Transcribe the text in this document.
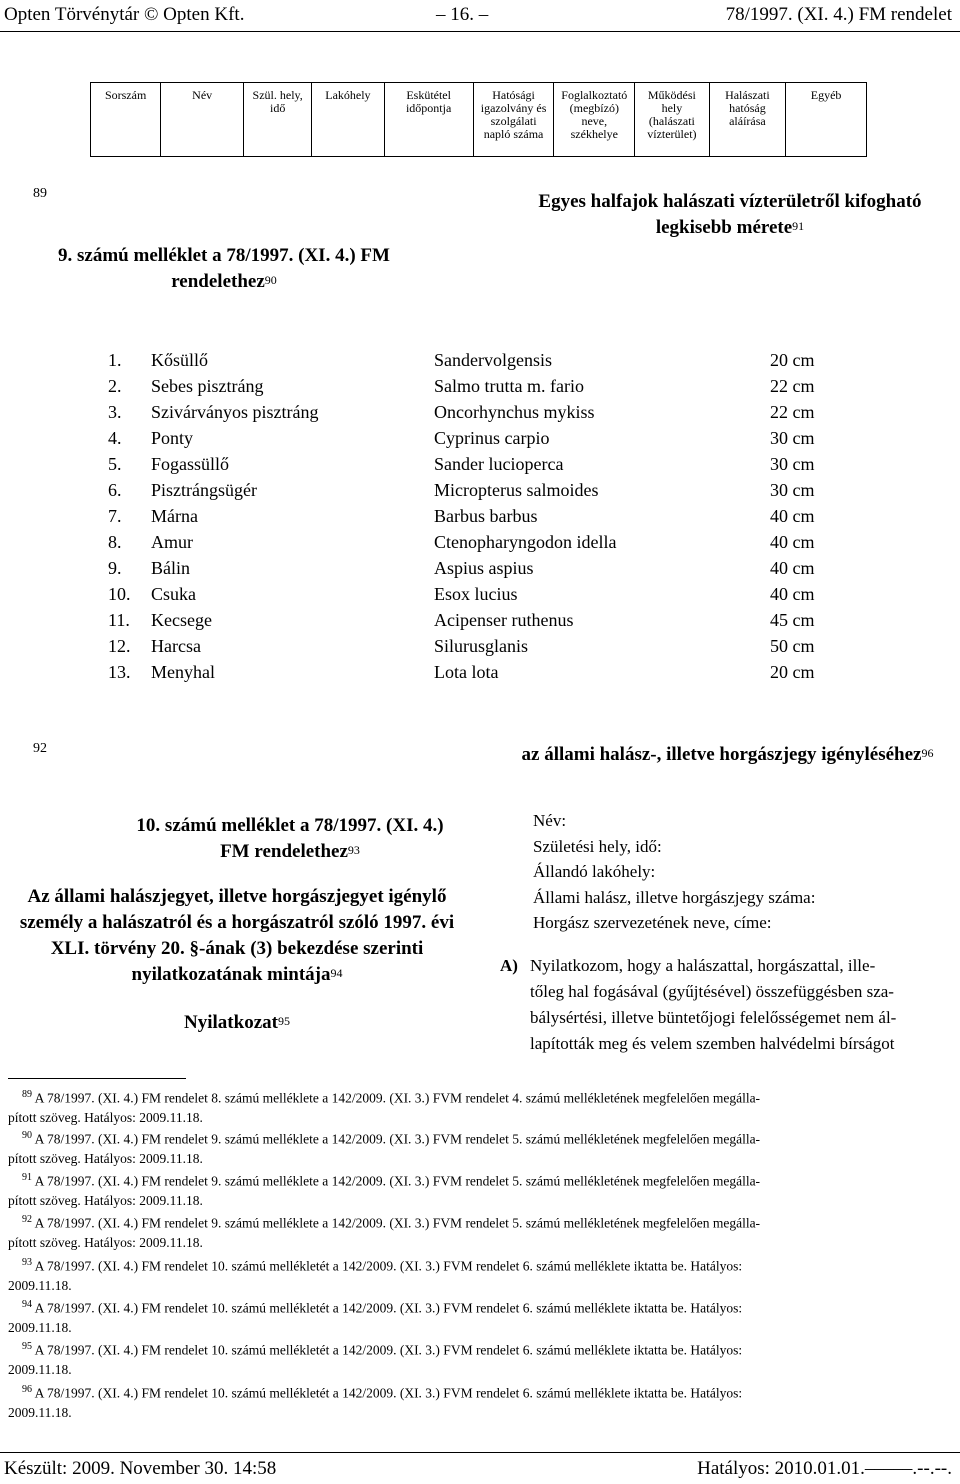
Opten Törvénytár © Opten Kft.	– 16. –	78/1997. (XI. 4.) FM rendelet
Sorszám	Név	Szül. hely, idő	Lakóhely	Eskütétel időpontja	Hatósági igazolvány és szolgálati napló száma	Foglalkoztató (megbízó) neve, székhelye	Működési hely (halászati vízterület)	Halászati hatóság aláírása	Egyéb
89
9. számú melléklet a 78/1997. (XI. 4.) FM rendelethez$^{90}$
Egyes halfajok halászati vízterületről kifogható legkisebb mérete$^{91}$
1. Kősüllő	Sandervolgensis	20 cm
2. Sebes pisztráng	Salmo trutta m. fario	22 cm
3. Szivárványos pisztráng	Oncorhynchus mykiss	22 cm
4. Ponty	Cyprinus carpio	30 cm
5. Fogassüllő	Sander lucioperca	30 cm
6. Pisztrángsügér	Micropterus salmoides	30 cm
7. Márna	Barbus barbus	40 cm
8. Amur	Ctenopharyngodon idella	40 cm
9. Bálin	Aspius aspius	40 cm
10. Csuka	Esox lucius	40 cm
11. Kecsege	Acipenser ruthenus	45 cm
12. Harcsa	Silurusglanis	50 cm
13. Menyhal	Lota lota	20 cm
92
10. számú melléklet a 78/1997. (XI. 4.) FM rendelethez$^{93}$
Az állami halászjegyet, illetve horgászjegyet igénylő személy a halászatról és a horgászatról szóló 1997. évi XLI. törvény 20. §-ának (3) bekezdése szerinti nyilatkozatának mintája$^{94}$
Nyilatkozat$^{95}$
az állami halász-, illetve horgászjegy igényléséhez$^{96}$
Név:
Születési hely, idő:
Állandó lakóhely:
Állami halász, illetve horgászjegy száma:
Horgász szervezetének neve, címe:
A) Nyilatkozom, hogy a halászattal, horgászattal, ille-
tőleg hal fogásával (gyűjtésével) összefüggésben sza-
bálysértési, illetve büntetőjogi felelősségemet nem ál-
lapították meg és velem szemben halvédelmi bírságot
$^{89}$ A 78/1997. (XI. 4.) FM rendelet 8. számú melléklete a 142/2009. (XI. 3.) FVM rendelet 4. számú mellékletének megfelelően megálla-
pított szöveg. Hatályos: 2009.11.18.
$^{90}$ A 78/1997. (XI. 4.) FM rendelet 9. számú melléklete a 142/2009. (XI. 3.) FVM rendelet 5. számú mellékletének megfelelően megálla-
pított szöveg. Hatályos: 2009.11.18.
$^{91}$ A 78/1997. (XI. 4.) FM rendelet 9. számú melléklete a 142/2009. (XI. 3.) FVM rendelet 5. számú mellékletének megfelelően megálla-
pított szöveg. Hatályos: 2009.11.18.
$^{92}$ A 78/1997. (XI. 4.) FM rendelet 9. számú melléklete a 142/2009. (XI. 3.) FVM rendelet 5. számú mellékletének megfelelően megálla-
pított szöveg. Hatályos: 2009.11.18.
$^{93}$ A 78/1997. (XI. 4.) FM rendelet 10. számú mellékletét a 142/2009. (XI. 3.) FVM rendelet 6. számú melléklete iktatta be. Hatályos:
2009.11.18.
$^{94}$ A 78/1997. (XI. 4.) FM rendelet 10. számú mellékletét a 142/2009. (XI. 3.) FVM rendelet 6. számú melléklete iktatta be. Hatályos:
2009.11.18.
$^{95}$ A 78/1997. (XI. 4.) FM rendelet 10. számú mellékletét a 142/2009. (XI. 3.) FVM rendelet 6. számú melléklete iktatta be. Hatályos:
2009.11.18.
$^{96}$ A 78/1997. (XI. 4.) FM rendelet 10. számú mellékletét a 142/2009. (XI. 3.) FVM rendelet 6. számú melléklete iktatta be. Hatályos:
2009.11.18.
Készült: 2009. November 30. 14:58	Hatályos: 2010.01.01.–––––.--.--.
